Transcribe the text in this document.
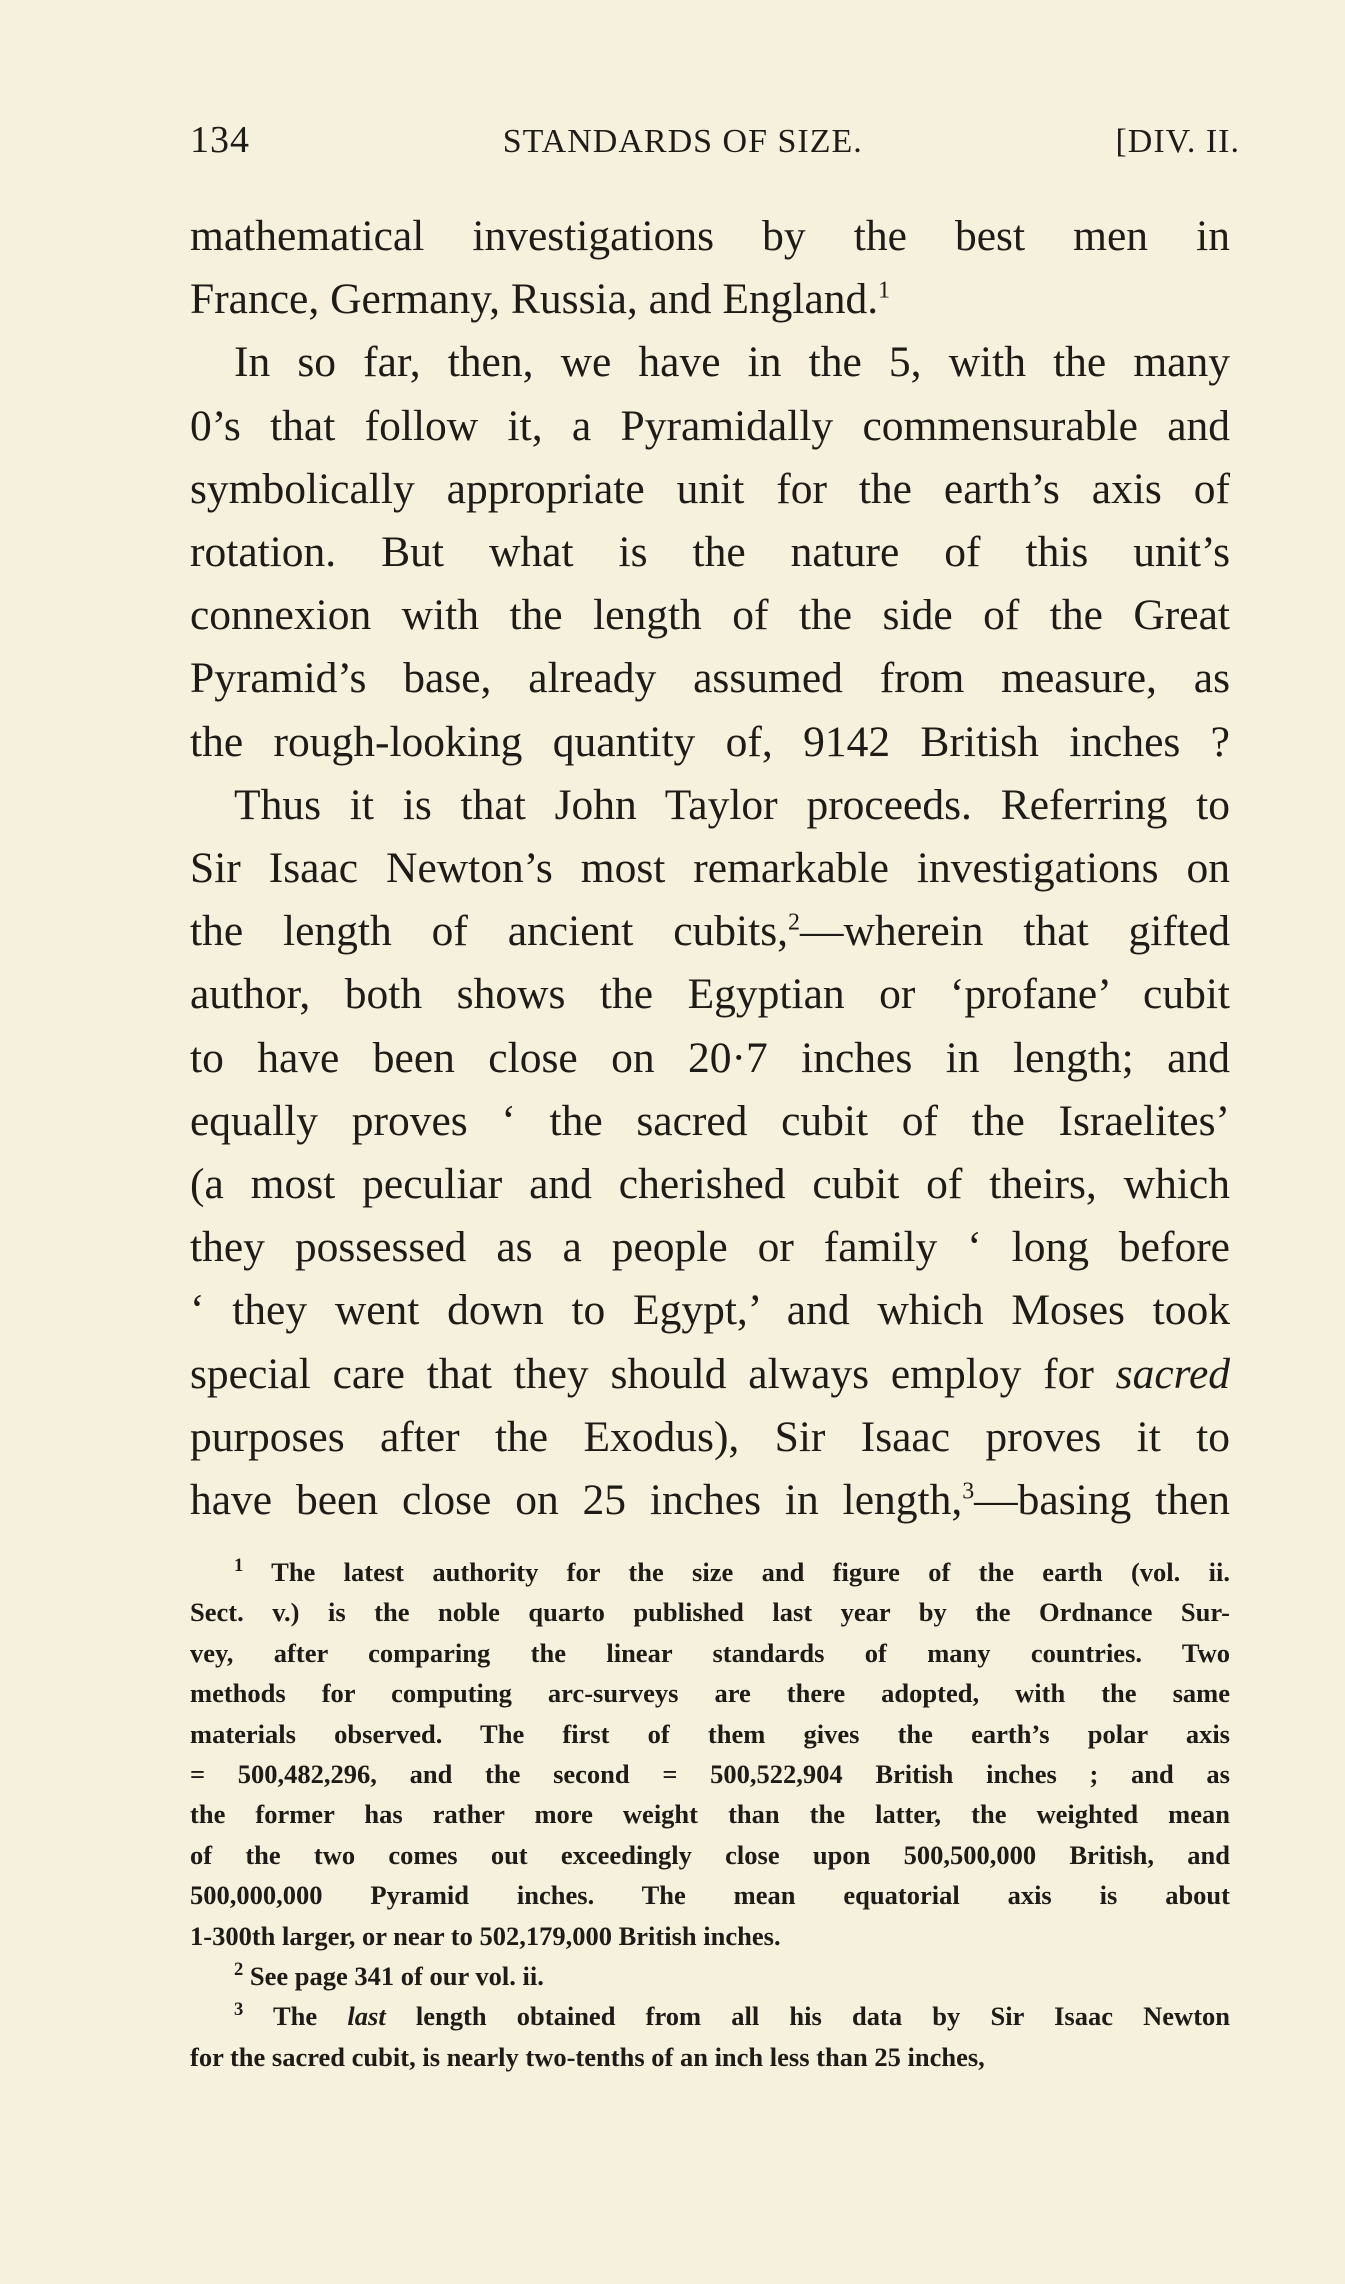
134	STANDARDS OF SIZE.	[DIV. II.
mathematical investigations by the best men in
France, Germany, Russia, and England.$^1$
In so far, then, we have in the 5, with the many
0’s that follow it, a Pyramidally commensurable and
symbolically appropriate unit for the earth’s axis of
rotation. But what is the nature of this unit’s
connexion with the length of the side of the Great
Pyramid’s base, already assumed from measure, as
the rough-looking quantity of, 9142 British inches ?
Thus it is that John Taylor proceeds. Referring to
Sir Isaac Newton’s most remarkable investigations on
the length of ancient cubits,$^2$—wherein that gifted
author, both shows the Egyptian or ‘profane’ cubit
to have been close on 20·7 inches in length; and
equally proves ‘ the sacred cubit of the Israelites’
(a most peculiar and cherished cubit of theirs, which
they possessed as a people or family ‘ long before
‘ they went down to Egypt,’ and which Moses took
special care that they should always employ for sacred
purposes after the Exodus), Sir Isaac proves it to
have been close on 25 inches in length,$^3$—basing then
$^1$ The latest authority for the size and figure of the earth (vol. ii.
Sect. v.) is the noble quarto published last year by the Ordnance Sur-
vey, after comparing the linear standards of many countries. Two
methods for computing arc-surveys are there adopted, with the same
materials observed. The first of them gives the earth’s polar axis
= 500,482,296, and the second = 500,522,904 British inches ; and as
the former has rather more weight than the latter, the weighted mean
of the two comes out exceedingly close upon 500,500,000 British, and
500,000,000 Pyramid inches. The mean equatorial axis is about
1-300th larger, or near to 502,179,000 British inches.
$^2$ See page 341 of our vol. ii.
$^3$ The last length obtained from all his data by Sir Isaac Newton
for the sacred cubit, is nearly two-tenths of an inch less than 25 inches,
